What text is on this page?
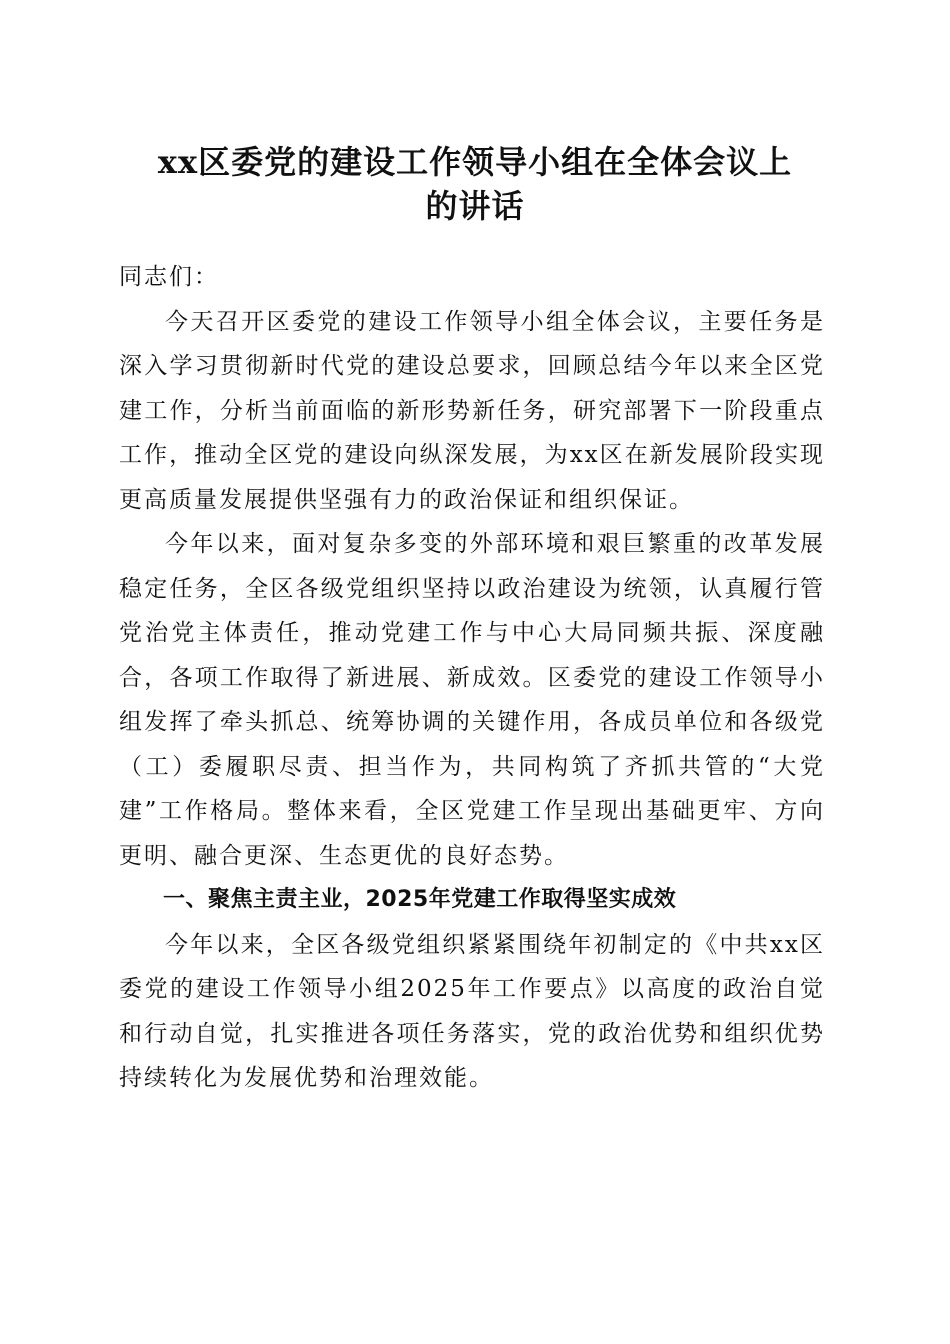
xx区委党的建设工作领导小组在全体会议上
的讲话

同志们：

今天召开区委党的建设工作领导小组全体会议，主要任务是深入学习贯彻新时代党的建设总要求，回顾总结今年以来全区党建工作，分析当前面临的新形势新任务，研究部署下一阶段重点工作，推动全区党的建设向纵深发展，为xx区在新发展阶段实现更高质量发展提供坚强有力的政治保证和组织保证。

今年以来，面对复杂多变的外部环境和艰巨繁重的改革发展稳定任务，全区各级党组织坚持以政治建设为统领，认真履行管党治党主体责任，推动党建工作与中心大局同频共振、深度融合，各项工作取得了新进展、新成效。区委党的建设工作领导小组发挥了牵头抓总、统筹协调的关键作用，各成员单位和各级党（工）委履职尽责、担当作为，共同构筑了齐抓共管的“大党建”工作格局。整体来看，全区党建工作呈现出基础更牢、方向更明、融合更深、生态更优的良好态势。

一、聚焦主责主业，2025年党建工作取得坚实成效

今年以来，全区各级党组织紧紧围绕年初制定的《中共xx区委党的建设工作领导小组2025年工作要点》以高度的政治自觉和行动自觉，扎实推进各项任务落实，党的政治优势和组织优势持续转化为发展优势和治理效能。
